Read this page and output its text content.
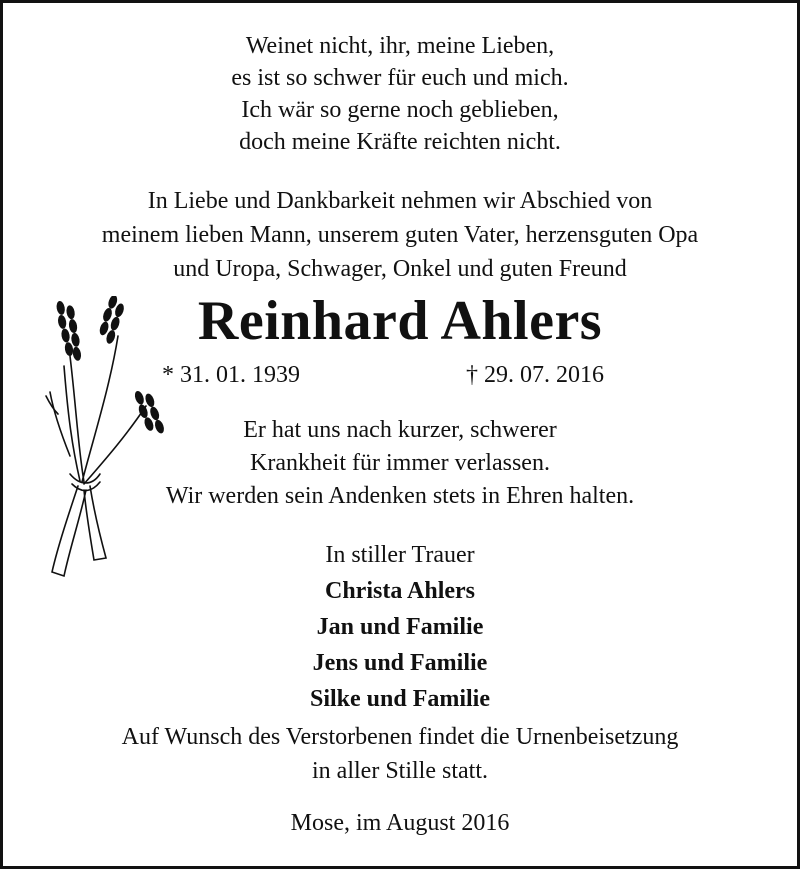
Weinet nicht, ihr, meine Lieben,
es ist so schwer für euch und mich.
Ich wär so gerne noch geblieben,
doch meine Kräfte reichten nicht.
In Liebe und Dankbarkeit nehmen wir Abschied von
meinem lieben Mann, unserem guten Vater, herzensguten Opa
und Uropa, Schwager, Onkel und guten Freund
Reinhard Ahlers
* 31. 01. 1939	† 29. 07. 2016
Er hat uns nach kurzer, schwerer
Krankheit für immer verlassen.
Wir werden sein Andenken stets in Ehren halten.
In stiller Trauer
Christa Ahlers
Jan und Familie
Jens und Familie
Silke und Familie
Auf Wunsch des Verstorbenen findet die Urnenbeisetzung
in aller Stille statt.
Mose, im August 2016
